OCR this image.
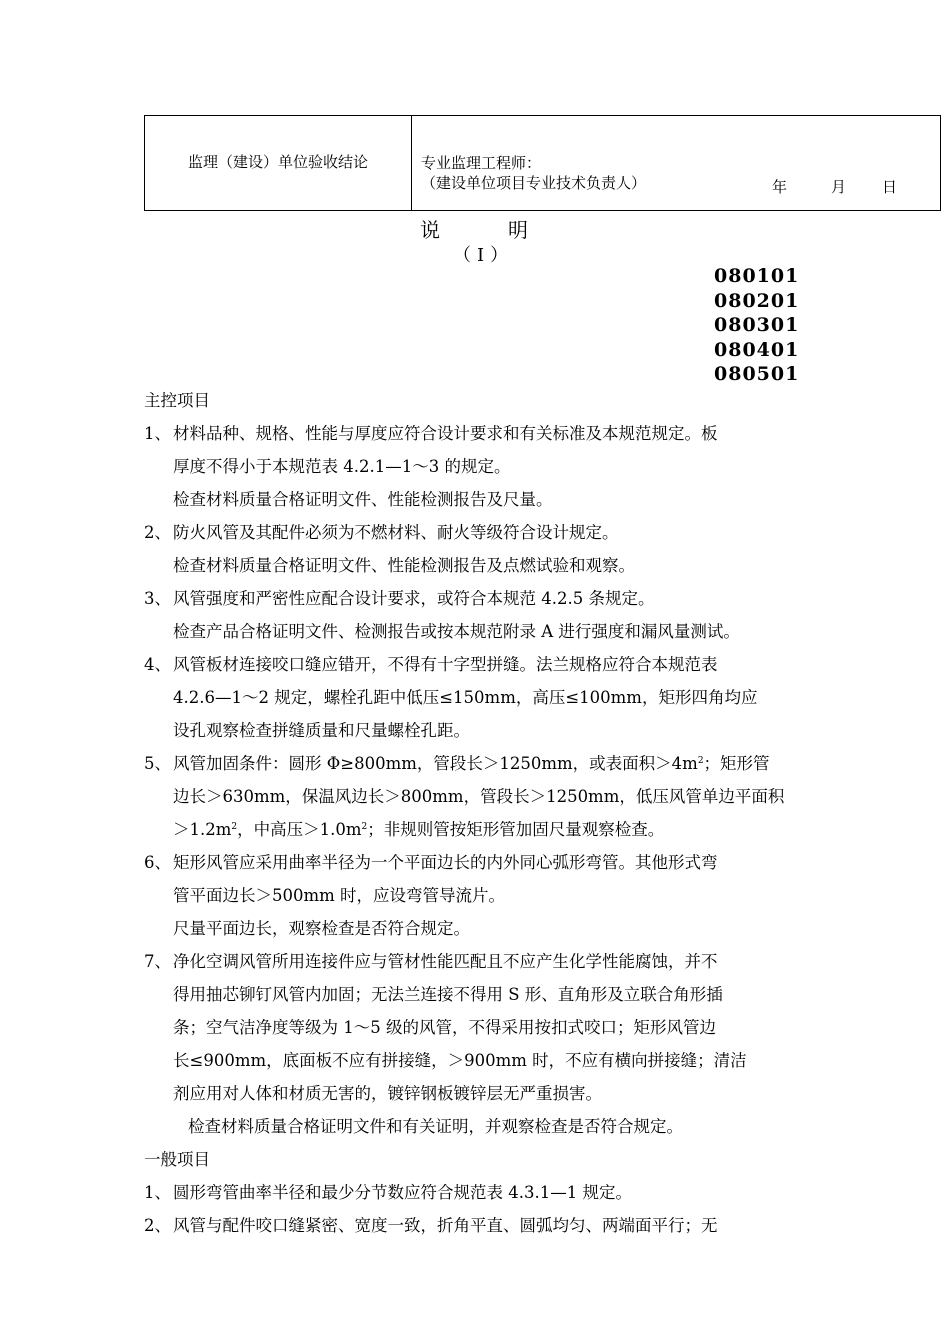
监理（建设）单位验收结论	专业监理工程师：
（建设单位项目专业技术负责人）	年	月 日
说	明
（Ⅰ）
080101
080201
080301
080401
080501
主控项目
1、 材料品种、规格、性能与厚度应符合设计要求和有关标准及本规范规定。板
厚度不得小于本规范表 4.2.1—1～3 的规定。
检查材料质量合格证明文件、性能检测报告及尺量。
2、 防火风管及其配件必须为不燃材料、耐火等级符合设计规定。
检查材料质量合格证明文件、性能检测报告及点燃试验和观察。
3、 风管强度和严密性应配合设计要求，或符合本规范 4.2.5 条规定。
检查产品合格证明文件、检测报告或按本规范附录 A 进行强度和漏风量测试。
4、 风管板材连接咬口缝应错开，不得有十字型拼缝。法兰规格应符合本规范表
4.2.6—1～2 规定，螺栓孔距中低压≤150mm，高压≤100mm，矩形四角均应
设孔观察检查拼缝质量和尺量螺栓孔距。
5、 风管加固条件：圆形 Φ≥800mm，管段长＞1250mm，或表面积$>4m^2$；矩形管
边长＞630mm，保温风边长＞800mm，管段长＞1250mm，低压风管单边平面积
$>1.2m^2$，中高压$>1.0m^2$；非规则管按矩形管加固尺量观察检查。
6、 矩形风管应采用曲率半径为一个平面边长的内外同心弧形弯管。其他形式弯
管平面边长＞500mm 时，应设弯管导流片。
尺量平面边长，观察检查是否符合规定。
7、 净化空调风管所用连接件应与管材性能匹配且不应产生化学性能腐蚀，并不
得用抽芯铆钉风管内加固；无法兰连接不得用 S 形、直角形及立联合角形插
条；空气洁净度等级为 1～5 级的风管，不得采用按扣式咬口；矩形风管边
长≤900mm，底面板不应有拼接缝，＞900mm 时，不应有横向拼接缝；清洁
剂应用对人体和材质无害的，镀锌钢板镀锌层无严重损害。
检查材料质量合格证明文件和有关证明，并观察检查是否符合规定。
一般项目
1、 圆形弯管曲率半径和最少分节数应符合规范表 4.3.1—1 规定。
2、 风管与配件咬口缝紧密、宽度一致，折角平直、圆弧均匀、两端面平行；无
